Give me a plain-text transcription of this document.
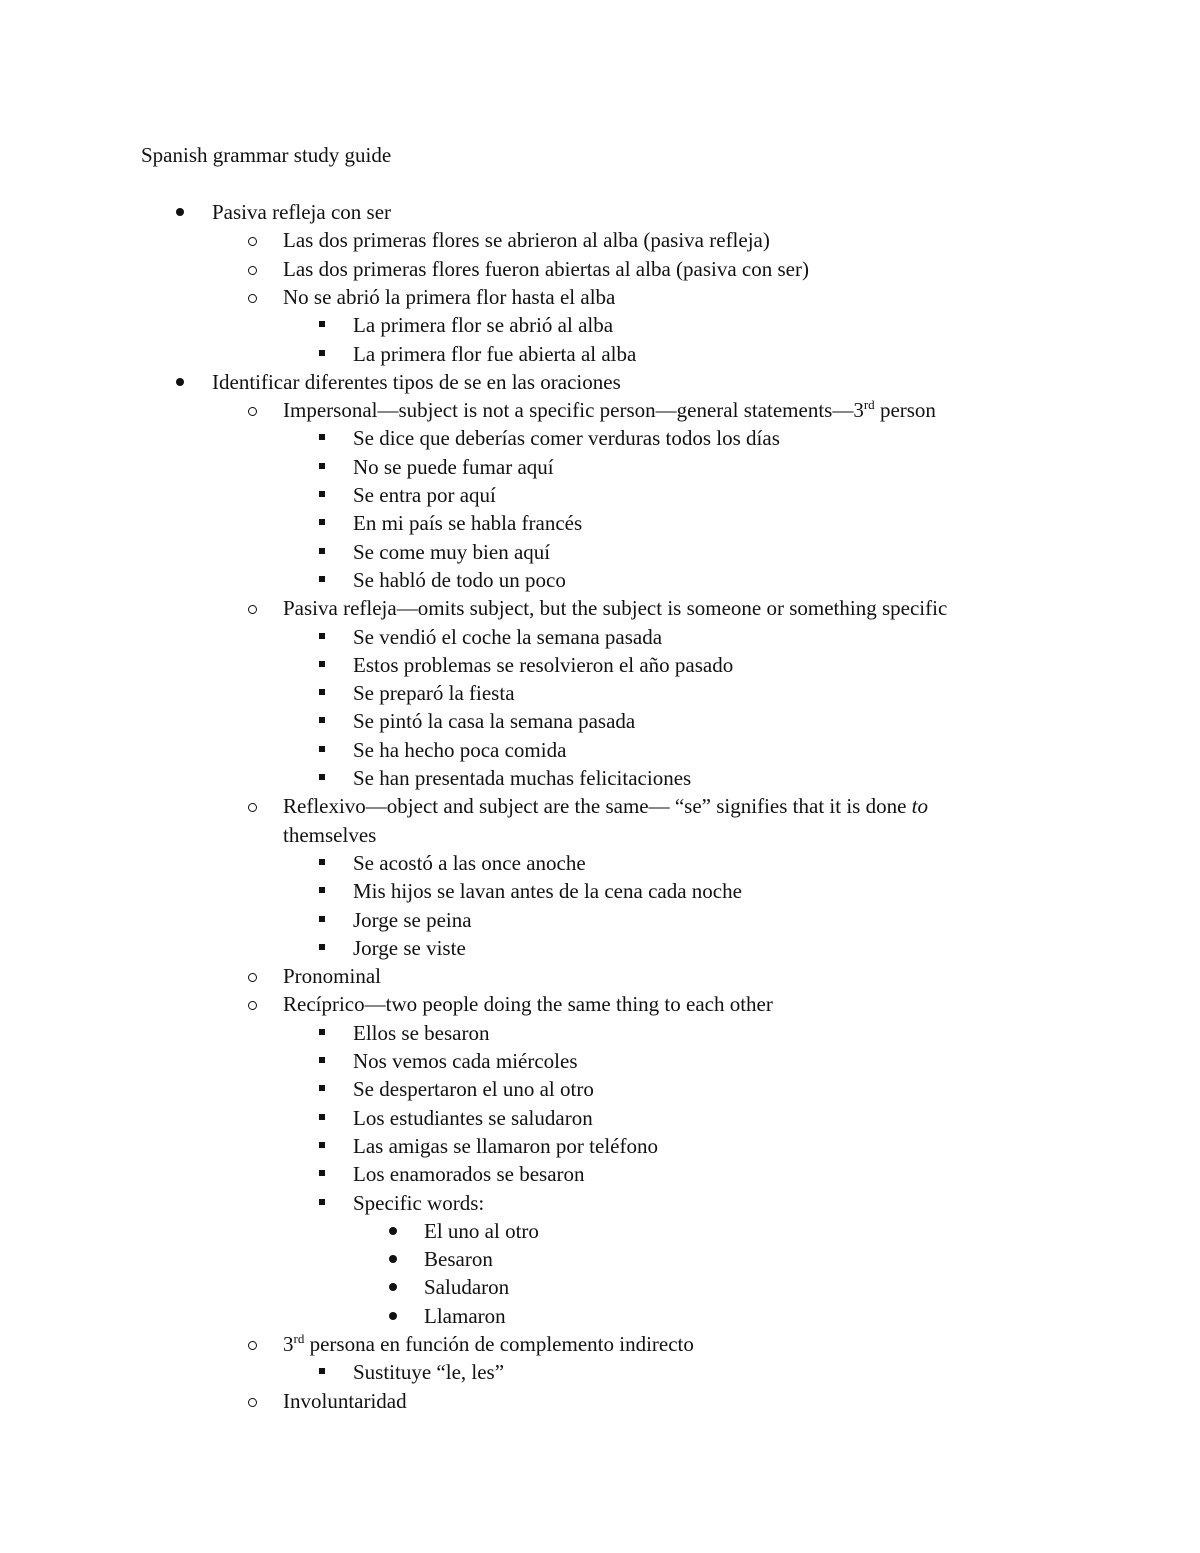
Spanish grammar study guide
Pasiva refleja con ser
Las dos primeras flores se abrieron al alba (pasiva refleja)
Las dos primeras flores fueron abiertas al alba (pasiva con ser)
No se abrió la primera flor hasta el alba
La primera flor se abrió al alba
La primera flor fue abierta al alba
Identificar diferentes tipos de se en las oraciones
Impersonal—subject is not a specific person—general statements—3rd person
Se dice que deberías comer verduras todos los días
No se puede fumar aquí
Se entra por aquí
En mi país se habla francés
Se come muy bien aquí
Se habló de todo un poco
Pasiva refleja—omits subject, but the subject is someone or something specific
Se vendió el coche la semana pasada
Estos problemas se resolvieron el año pasado
Se preparó la fiesta
Se pintó la casa la semana pasada
Se ha hecho poca comida
Se han presentada muchas felicitaciones
Reflexivo—object and subject are the same— “se” signifies that it is done to
themselves
Se acostó a las once anoche
Mis hijos se lavan antes de la cena cada noche
Jorge se peina
Jorge se viste
Pronominal
Recíprico—two people doing the same thing to each other
Ellos se besaron
Nos vemos cada miércoles
Se despertaron el uno al otro
Los estudiantes se saludaron
Las amigas se llamaron por teléfono
Los enamorados se besaron
Specific words:
El uno al otro
Besaron
Saludaron
Llamaron
3rd persona en función de complemento indirecto
Sustituye “le, les”
Involuntaridad
